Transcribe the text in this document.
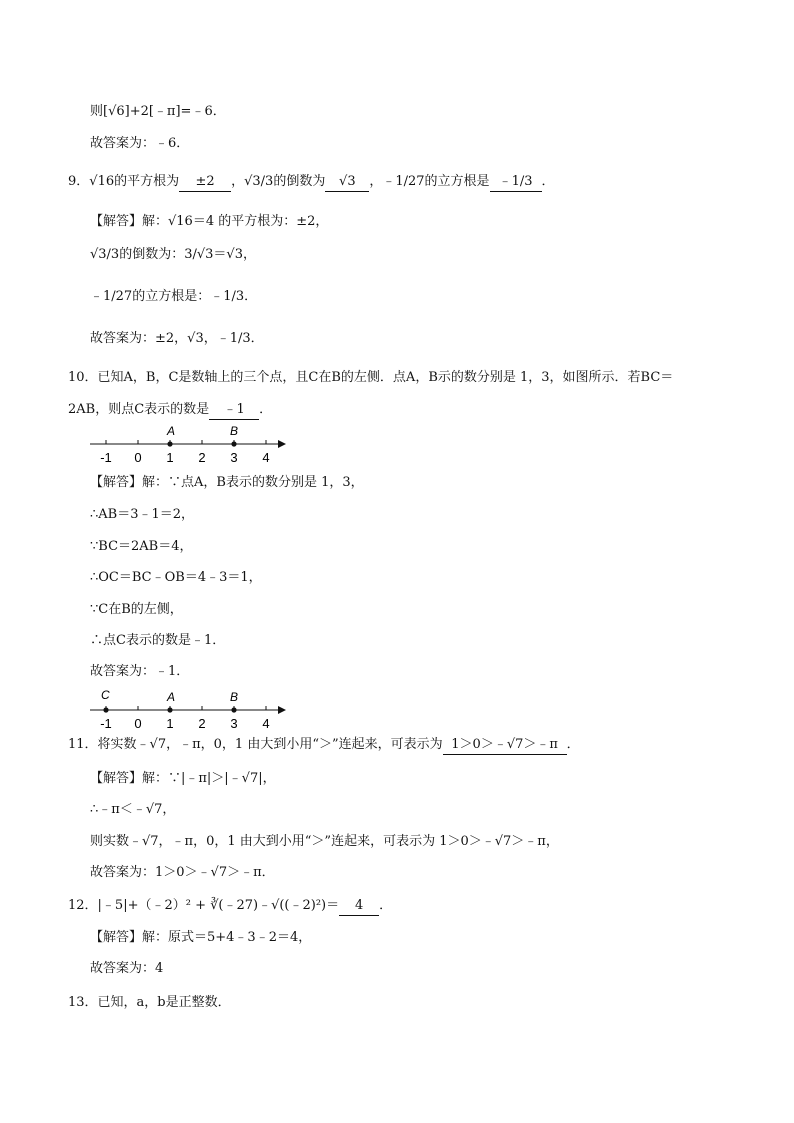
则[√6]+2[﹣π]=﹣6．
故答案为：﹣6．
9．√16的平方根为 ±2 ，√3/3的倒数为 √3 ，﹣1/27的立方根是 ﹣1/3 ．
【解答】解：√16＝4 的平方根为：±2，
√3/3的倒数为：3/√3＝√3，
﹣1/27的立方根是：﹣1/3．
故答案为：±2，√3，﹣1/3．
10．已知A，B，C是数轴上的三个点，且C在B的左侧．点A，B示的数分别是 1，3，如图所示．若BC＝
2AB，则点C表示的数是 ﹣1 ．
-1 0 1 2 3 4
A	B
【解答】解：∵点A，B表示的数分别是 1，3，
∴AB＝3﹣1＝2，
∵BC＝2AB＝4，
∴OC＝BC﹣OB＝4﹣3＝1，
∵C在B的左侧，
∴点C表示的数是﹣1．
故答案为：﹣1．
-1 0 1 2 3 4
C	A	B
11．将实数﹣√7，﹣π，0，1 由大到小用“＞”连起来，可表示为 1＞0＞﹣√7＞﹣π ．
【解答】解：∵|﹣π|＞|﹣√7|，
∴﹣π＜﹣√7，
则实数﹣√7，﹣π，0，1 由大到小用“＞”连起来，可表示为 1＞0＞﹣√7＞﹣π，
故答案为：1＞0＞﹣√7＞﹣π．
12．|﹣5|+（﹣2）² + ∛(﹣27)﹣√((﹣2)²)＝ 4 ．
【解答】解：原式＝5+4﹣3﹣2＝4，
故答案为：4
13．已知，a，b是正整数．
